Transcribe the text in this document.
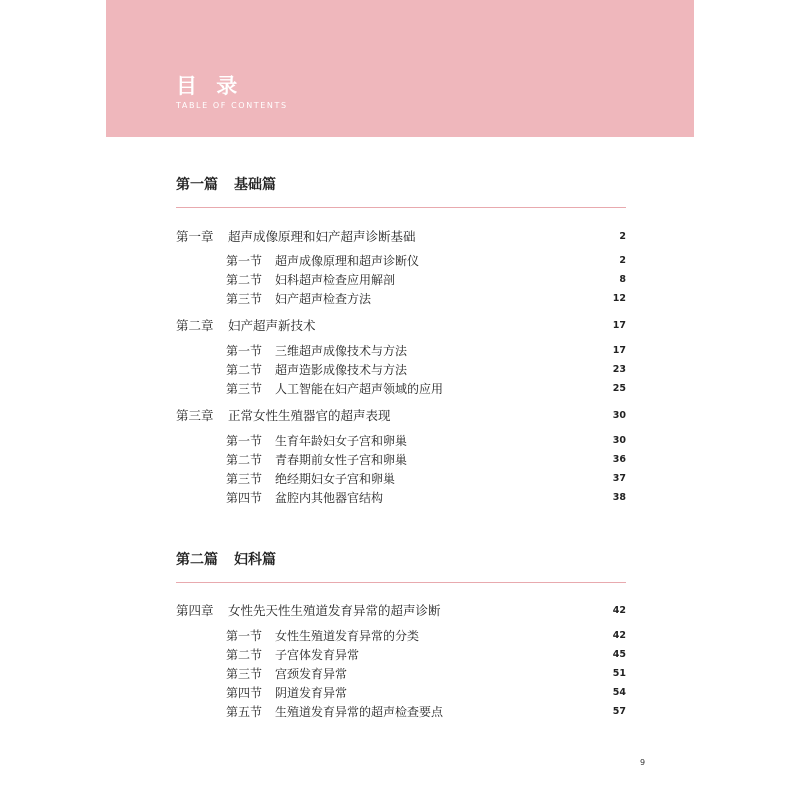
目 录
TABLE OF CONTENTS
第一篇 基础篇
第一章 超声成像原理和妇产超声诊断基础	2
第一节 超声成像原理和超声诊断仪	2
第二节 妇科超声检查应用解剖	8
第三节 妇产超声检查方法	12
第二章 妇产超声新技术	17
第一节 三维超声成像技术与方法	17
第二节 超声造影成像技术与方法	23
第三节 人工智能在妇产超声领域的应用	25
第三章 正常女性生殖器官的超声表现	30
第一节 生育年龄妇女子宫和卵巢	30
第二节 青春期前女性子宫和卵巢	36
第三节 绝经期妇女子宫和卵巢	37
第四节 盆腔内其他器官结构	38
第二篇 妇科篇
第四章 女性先天性生殖道发育异常的超声诊断	42
第一节 女性生殖道发育异常的分类	42
第二节 子宫体发育异常	45
第三节 宫颈发育异常	51
第四节 阴道发育异常	54
第五节 生殖道发育异常的超声检查要点	57
9
